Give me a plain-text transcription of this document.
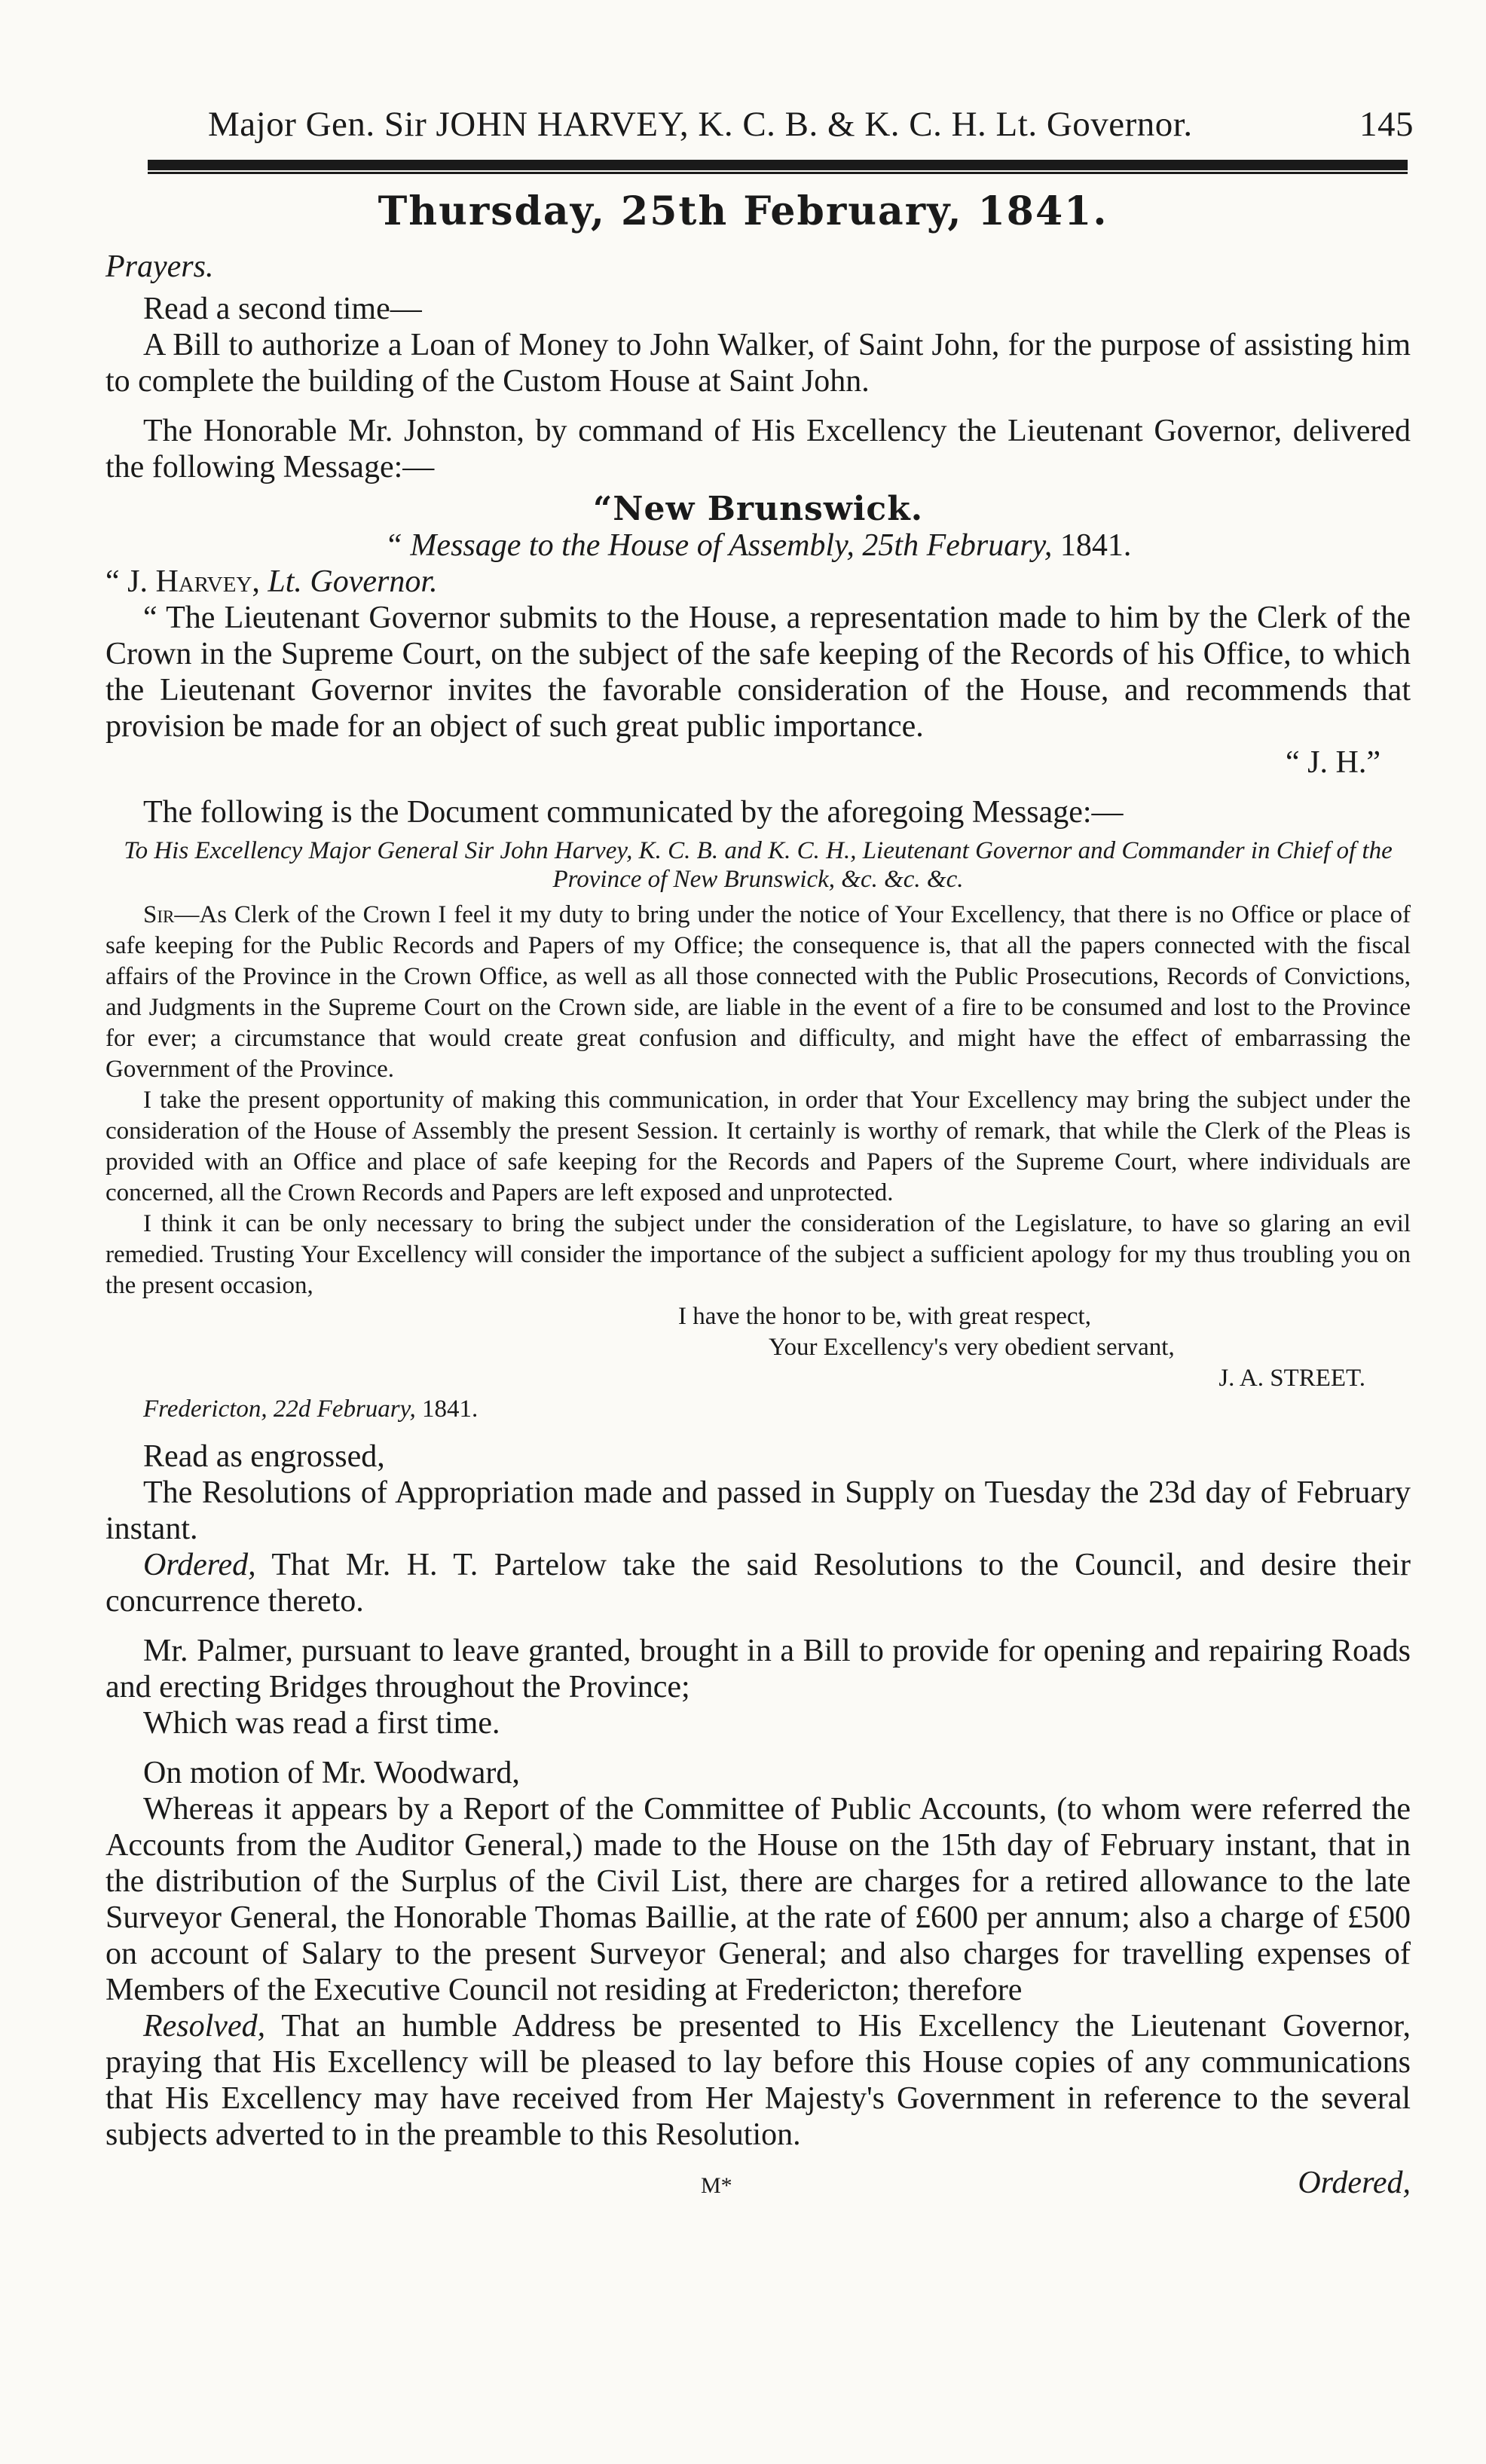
Major Gen. Sir JOHN HARVEY, K. C. B. & K. C. H. Lt. Governor.	145
Thursday, 25th February, 1841.

Prayers.

Read a second time—

A Bill to authorize a Loan of Money to John Walker, of Saint John, for the purpose of assisting him to complete the building of the Custom House at Saint John.

The Honorable Mr. Johnston, by command of His Excellency the Lieutenant Governor, delivered the following Message:—

“New Brunswick.

“ Message to the House of Assembly, 25th February, 1841.

“ J. Harvey, Lt. Governor.

“ The Lieutenant Governor submits to the House, a representation made to him by the Clerk of the Crown in the Supreme Court, on the subject of the safe keeping of the Records of his Office, to which the Lieutenant Governor invites the favorable consideration of the House, and recommends that provision be made for an object of such great public importance.

“ J. H.”

The following is the Document communicated by the aforegoing Message:—

To His Excellency Major General Sir John Harvey, K. C. B. and K. C. H., Lieutenant Governor and Commander in Chief of the Province of New Brunswick, &c. &c. &c.

Sir—As Clerk of the Crown I feel it my duty to bring under the notice of Your Excellency, that there is no Office or place of safe keeping for the Public Records and Papers of my Office; the consequence is, that all the papers connected with the fiscal affairs of the Province in the Crown Office, as well as all those connected with the Public Prosecutions, Records of Convictions, and Judgments in the Supreme Court on the Crown side, are liable in the event of a fire to be consumed and lost to the Province for ever; a circumstance that would create great confusion and difficulty, and might have the effect of embarrassing the Government of the Province.

I take the present opportunity of making this communication, in order that Your Excellency may bring the subject under the consideration of the House of Assembly the present Session. It certainly is worthy of remark, that while the Clerk of the Pleas is provided with an Office and place of safe keeping for the Records and Papers of the Supreme Court, where individuals are concerned, all the Crown Records and Papers are left exposed and unprotected.

I think it can be only necessary to bring the subject under the consideration of the Legislature, to have so glaring an evil remedied. Trusting Your Excellency will consider the importance of the subject a sufficient apology for my thus troubling you on the present occasion,

I have the honor to be, with great respect,

Your Excellency's very obedient servant,

J. A. STREET.

Fredericton, 22d February, 1841.

Read as engrossed,

The Resolutions of Appropriation made and passed in Supply on Tuesday the 23d day of February instant.

Ordered, That Mr. H. T. Partelow take the said Resolutions to the Council, and desire their concurrence thereto.

Mr. Palmer, pursuant to leave granted, brought in a Bill to provide for opening and repairing Roads and erecting Bridges throughout the Province;

Which was read a first time.

On motion of Mr. Woodward,

Whereas it appears by a Report of the Committee of Public Accounts, (to whom were referred the Accounts from the Auditor General,) made to the House on the 15th day of February instant, that in the distribution of the Surplus of the Civil List, there are charges for a retired allowance to the late Surveyor General, the Honorable Thomas Baillie, at the rate of £600 per annum; also a charge of £500 on account of Salary to the present Surveyor General; and also charges for travelling expenses of Members of the Executive Council not residing at Fredericton; therefore

Resolved, That an humble Address be presented to His Excellency the Lieutenant Governor, praying that His Excellency will be pleased to lay before this House copies of any communications that His Excellency may have received from Her Majesty's Government in reference to the several subjects adverted to in the preamble to this Resolution.

M*	Ordered,
